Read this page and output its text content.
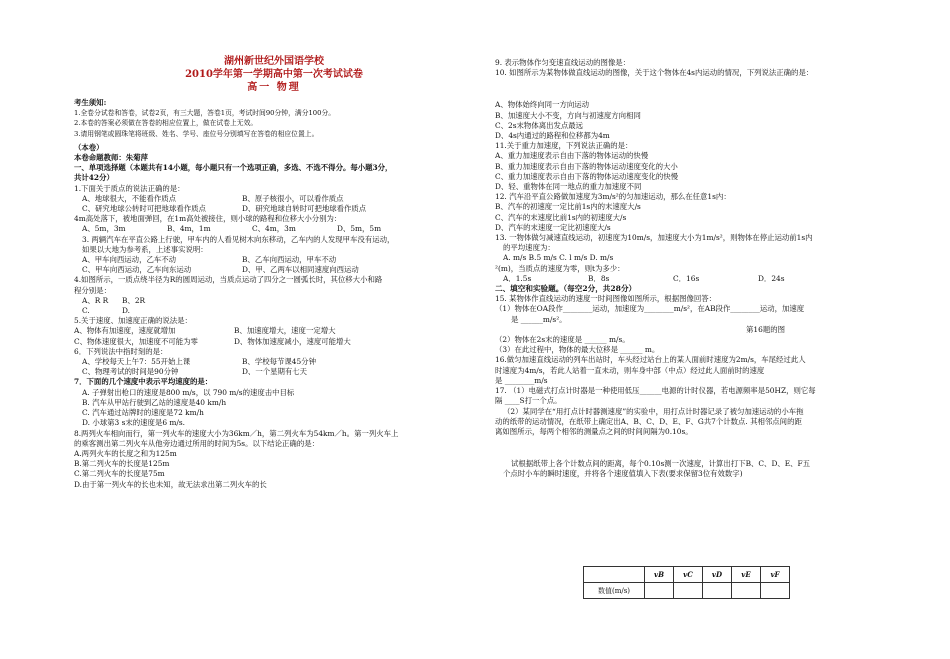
湖州新世纪外国语学校
2010学年第一学期高中第一次考试试卷
高一 物理
考生须知:
1.全卷分试卷和答卷，试卷2页，有三大题，答卷1页，考试时间90分钟，满分100分。
2.本卷的答案必须做在答卷的相应位置上，做在试卷上无效。
3.请用钢笔或圆珠笔将班级、姓名、学号、座位号分别填写在答卷的相应位置上。
（本卷）
本卷命题教师：朱菊萍
一、单项选择题（本题共有14小题，每小题只有一个选项正确，多选、不选不得分。每小题3分，
共计42分）
1.下面关于质点的说法正确的是：
A、地球很大，不能看作质点	B、原子核很小，可以看作质点
C、研究地球公转时可把地球看作质点	D、研究地球自转时可把地球看作质点
4m高处落下，被地面弹回，在1m高处被接住，则小球的路程和位移大小分别为：
A、5m，3m	B、4m，1m	C、4m，3m	D、5m，5m
3. 两辆汽车在平直公路上行驶，甲车内的人看见树木向东移动，乙车内的人发现甲车没有运动，
如果以大地为参考系，上述事实说明：
A、甲车向西运动，乙车不动	B、乙车向西运动，甲车不动
C、甲车向西运动，乙车向东运动	D、甲、乙两车以相同速度向西运动
4.如图所示，一质点绕半径为R的圆周运动，当质点运动了四分之一圆弧长时，其位移大小和路
程分别是：
A、R R	B、2R
C.	D.
5.关于速度、加速度正确的说法是：
A、物体有加速度，速度就增加	B、加速度增大，速度一定增大
C、物体速度很大，加速度不可能为零	D、物体加速度减小，速度可能增大
6．下列说法中指时刻的是：
A、学校每天上午7：55开始上课	B、学校每节课45分钟
C、物理考试的时间是90分钟	D、一个星期有七天
7．下面的几个速度中表示平均速度的是：
A. 子弹射出枪口的速度是800 m/s，以 790 m/s的速度击中目标
B. 汽车从甲站行驶到乙站的速度是40 km/h
C. 汽车通过站牌时的速度是72 km/h
D. 小球第3 s末的速度是6 m/s.
8.两列火车相向而行，第一列火车的速度大小为36km／h，第二列火车为54km／h。第一列火车上
的乘客测出第二列火车从他旁边通过所用的时间为5s。以下结论正确的是：
A.两列火车的长度之和为125m
B.第二列火车的长度是125m
C.第二列火车的长度是75m
D.由于第一列火车的长也未知，故无法求出第二列火车的长
9. 表示物体作匀变速直线运动的图像是：
10. 如图所示为某物体做直线运动的图像，关于这个物体在4s内运动的情况，下列说法正确的是：
A、物体始终向同一方向运动
B、加速度大小不变，方向与初速度方向相同
C、2s末物体离出发点最远
D、4s内通过的路程和位移都为4m
11.关于重力加速度，下列说法正确的是：
A、重力加速度表示自由下落的物体运动的快慢
B、重力加速度表示自由下落的物体运动速度变化的大小
C、重力加速度表示自由下落的物体运动速度变化的快慢
D、轻、重物体在同一地点的重力加速度不同
12. 汽车沿平直公路做加速度为3m/s²的匀加速运动，那么在任意1s内：
B、汽车的初速度一定比前1s内的末速度大/s
C、汽车的末速度比前1s内的初速度大/s
D、汽车的末速度一定比初速度大/s
13. 一物体做匀减速直线运动，初速度为10m/s，加速度大小为1m/s²，则物体在停止运动前1s内
的平均速度为：
A. m/s B.5 m/s C. l m/s D. m/s
²(m)，当质点的速度为零，则t为多少：
A．1.5s	B．8s	C．16s	D．24s
二、填空和实验题。（每空2分，共28分）
15. 某物体作直线运动的速度一时间图像如图所示，根据图像回答：
（1）物体在OA段作________运动，加速度为________m/s²，在AB段作________运动，加速度
是 ______m/s²。
第16题的图
（2）物体在2s末的速度是 ______ m/s。
（3）在此过程中，物体的最大位移是 ______ m。
16.做匀加速直线运动的列车出站时，车头经过站台上的某人面前时速度为2m/s，车尾经过此人
时速度为4m/s，若此人站着一直未动，则车身中部（中点）经过此人面前时的速度
是 ________m/s
17. （1）电磁式打点计时器是一种使用低压______电源的计时仪器，若电源频率是50HZ，则它每
隔 ____S打一个点。
（2）某同学在“用打点计时器测速度”的实验中，用打点计时器记录了被匀加速运动的小车拖
动的纸带的运动情况，在纸带上确定出A、B、C、D、E、F、G共7个计数点. 其相邻点间的距
离如图所示，每两个相邻的测量点之间的时间间隔为0.10s。
试根据纸带上各个计数点间的距离，每个0.10s测一次速度，计算出打下B、C、D、E、F五
个点时小车的瞬时速度，并将各个速度值填入下表(要求保留3位有效数字)
	vB	vC	vD	vE	vF
数值(m/s)					
